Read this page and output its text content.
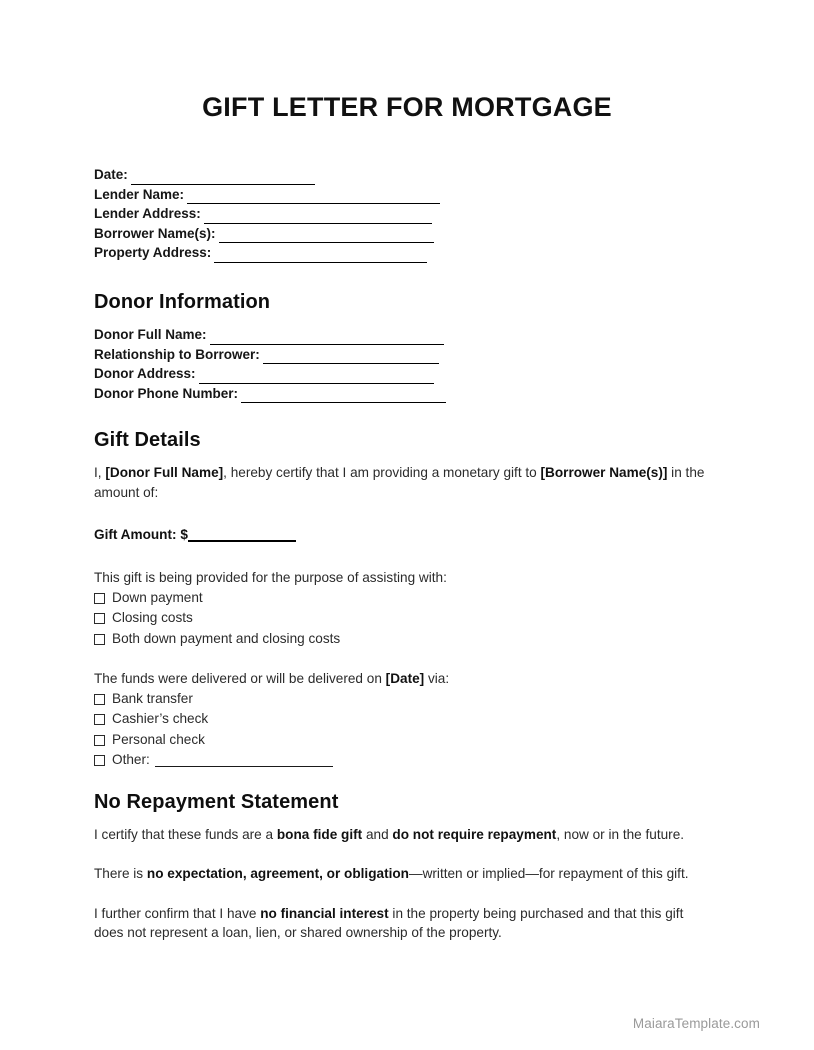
GIFT LETTER FOR MORTGAGE
Date:
Lender Name:
Lender Address:
Borrower Name(s):
Property Address:
Donor Information
Donor Full Name:
Relationship to Borrower:
Donor Address:
Donor Phone Number:
Gift Details

I, [Donor Full Name], hereby certify that I am providing a monetary gift to [Borrower Name(s)] in the amount of:

Gift Amount: $

This gift is being provided for the purpose of assisting with:

Down payment
Closing costs
Both down payment and closing costs

The funds were delivered or will be delivered on [Date] via:

Bank transfer
Cashier’s check
Personal check
Other:
No Repayment Statement

I certify that these funds are a bona fide gift and do not require repayment, now or in the future.

There is no expectation, agreement, or obligation—written or implied—for repayment of this gift.

I further confirm that I have no financial interest in the property being purchased and that this gift does not represent a loan, lien, or shared ownership of the property.

MaiaraTemplate.com
